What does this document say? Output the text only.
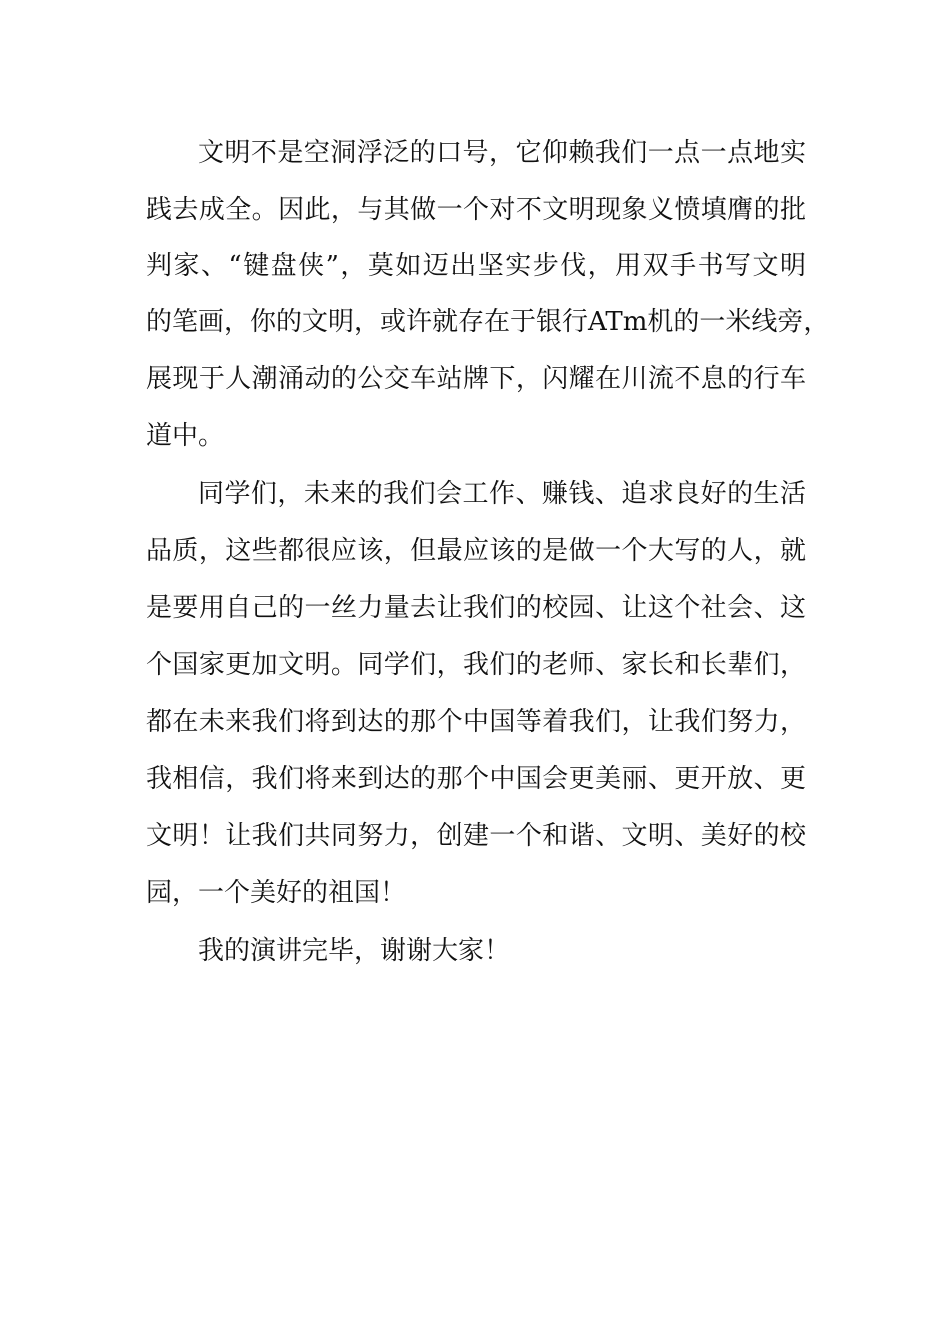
文明不是空洞浮泛的口号，它仰赖我们一点一点地实
践去成全。因此，与其做一个对不文明现象义愤填膺的批
判家、“键盘侠”，莫如迈出坚实步伐，用双手书写文明
的笔画，你的文明，或许就存在于银行ATm机的一米线旁，
展现于人潮涌动的公交车站牌下，闪耀在川流不息的行车
道中。
同学们，未来的我们会工作、赚钱、追求良好的生活
品质，这些都很应该，但最应该的是做一个大写的人，就
是要用自己的一丝力量去让我们的校园、让这个社会、这
个国家更加文明。同学们，我们的老师、家长和长辈们，
都在未来我们将到达的那个中国等着我们，让我们努力，
我相信，我们将来到达的那个中国会更美丽、更开放、更
文明！让我们共同努力，创建一个和谐、文明、美好的校
园，一个美好的祖国！
我的演讲完毕，谢谢大家！
